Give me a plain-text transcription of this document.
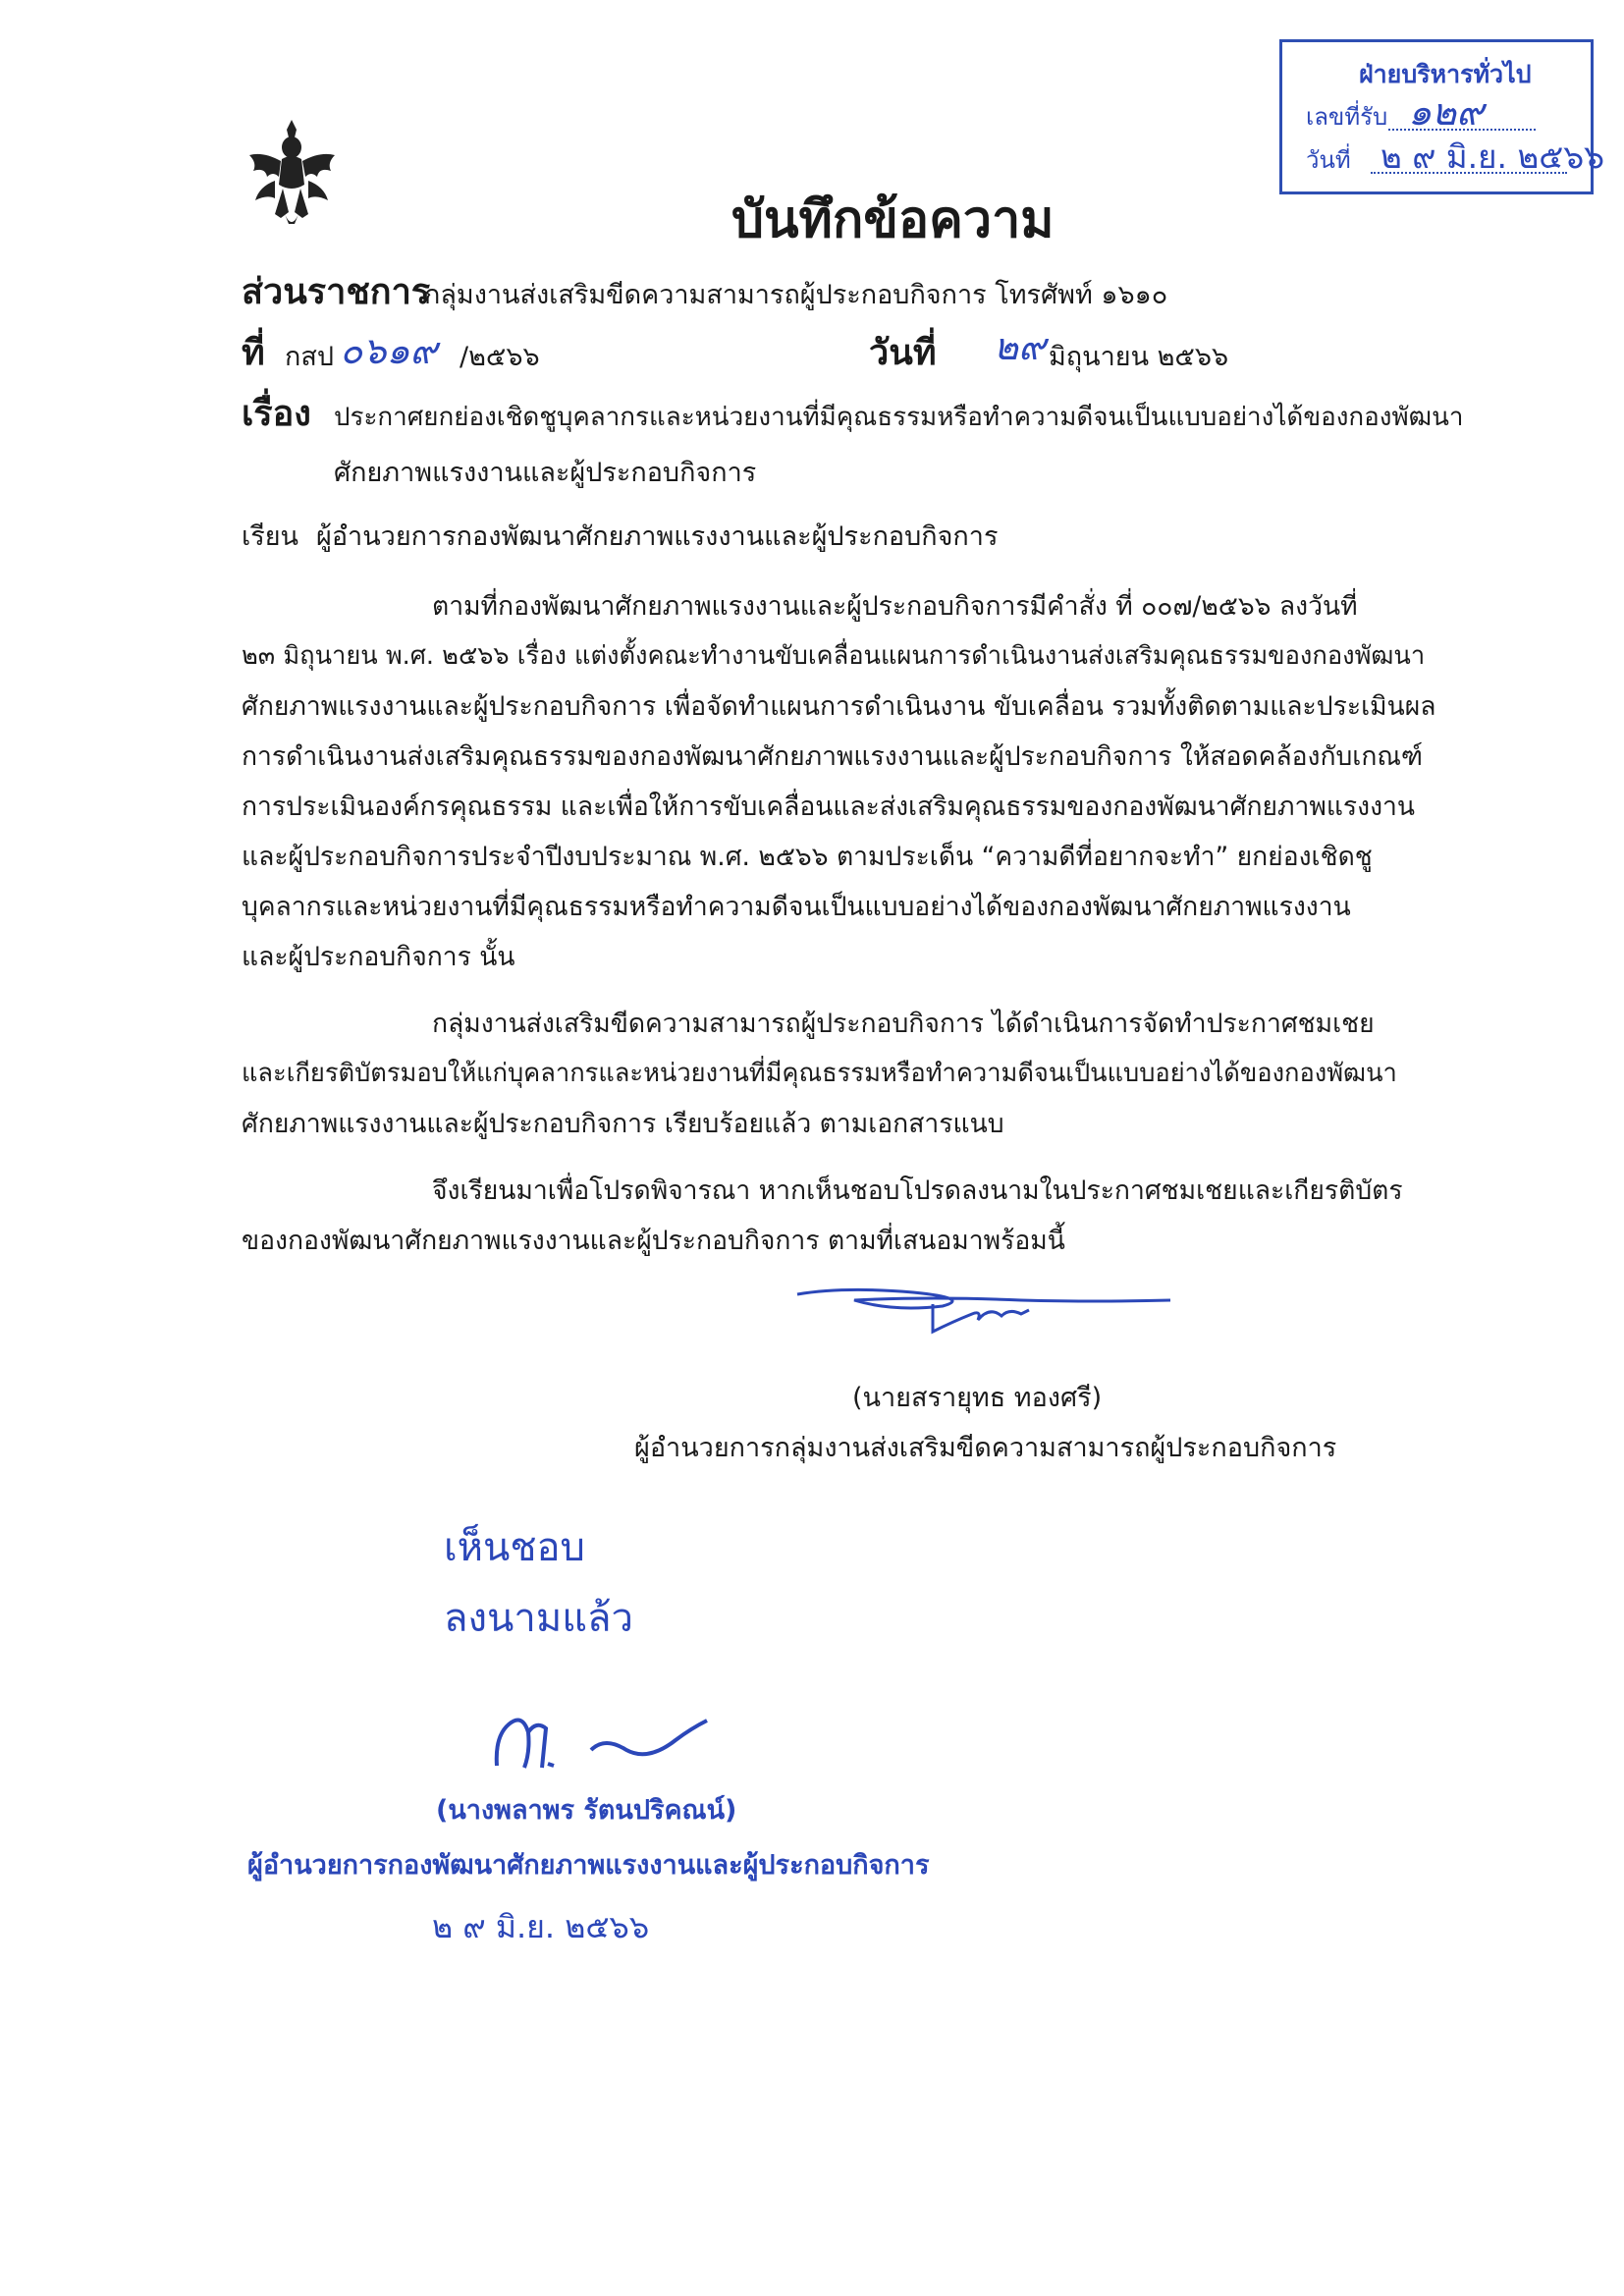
ฝ่ายบริหารทั่วไป
เลขที่รับ ๑๒๙
วันที่ ๒ ๙ มิ.ย. ๒๕๖๖
บันทึกข้อความ
ส่วนราชการ
กลุ่มงานส่งเสริมขีดความสามารถผู้ประกอบกิจการ โทรศัพท์ ๑๖๑๐
ที่ กสป ๐๖๑๙ /๒๕๖๖	วันที่ ๒๙ มิถุนายน ๒๕๖๖
เรื่อง ประกาศยกย่องเชิดชูบุคลากรและหน่วยงานที่มีคุณธรรมหรือทำความดีจนเป็นแบบอย่างได้ของกองพัฒนา
ศักยภาพแรงงานและผู้ประกอบกิจการ
เรียน ผู้อำนวยการกองพัฒนาศักยภาพแรงงานและผู้ประกอบกิจการ
ตามที่กองพัฒนาศักยภาพแรงงานและผู้ประกอบกิจการมีคำสั่ง ที่ ๐๐๗/๒๕๖๖ ลงวันที่
๒๓ มิถุนายน พ.ศ. ๒๕๖๖ เรื่อง แต่งตั้งคณะทำงานขับเคลื่อนแผนการดำเนินงานส่งเสริมคุณธรรมของกองพัฒนา
ศักยภาพแรงงานและผู้ประกอบกิจการ เพื่อจัดทำแผนการดำเนินงาน ขับเคลื่อน รวมทั้งติดตามและประเมินผล
การดำเนินงานส่งเสริมคุณธรรมของกองพัฒนาศักยภาพแรงงานและผู้ประกอบกิจการ ให้สอดคล้องกับเกณฑ์
การประเมินองค์กรคุณธรรม และเพื่อให้การขับเคลื่อนและส่งเสริมคุณธรรมของกองพัฒนาศักยภาพแรงงาน
และผู้ประกอบกิจการประจำปีงบประมาณ พ.ศ. ๒๕๖๖ ตามประเด็น “ความดีที่อยากจะทำ” ยกย่องเชิดชู
บุคลากรและหน่วยงานที่มีคุณธรรมหรือทำความดีจนเป็นแบบอย่างได้ของกองพัฒนาศักยภาพแรงงาน
และผู้ประกอบกิจการ นั้น
กลุ่มงานส่งเสริมขีดความสามารถผู้ประกอบกิจการ ได้ดำเนินการจัดทำประกาศชมเชย
และเกียรติบัตรมอบให้แก่บุคลากรและหน่วยงานที่มีคุณธรรมหรือทำความดีจนเป็นแบบอย่างได้ของกองพัฒนา
ศักยภาพแรงงานและผู้ประกอบกิจการ เรียบร้อยแล้ว ตามเอกสารแนบ
จึงเรียนมาเพื่อโปรดพิจารณา หากเห็นชอบโปรดลงนามในประกาศชมเชยและเกียรติบัตร
ของกองพัฒนาศักยภาพแรงงานและผู้ประกอบกิจการ ตามที่เสนอมาพร้อมนี้
(นายสรายุทธ ทองศรี)
ผู้อำนวยการกลุ่มงานส่งเสริมขีดความสามารถผู้ประกอบกิจการ
เห็นชอบ
ลงนามแล้ว
(นางพลาพร รัตนปริคณน์)
ผู้อำนวยการกองพัฒนาศักยภาพแรงงานและผู้ประกอบกิจการ
๒ ๙ มิ.ย. ๒๕๖๖
